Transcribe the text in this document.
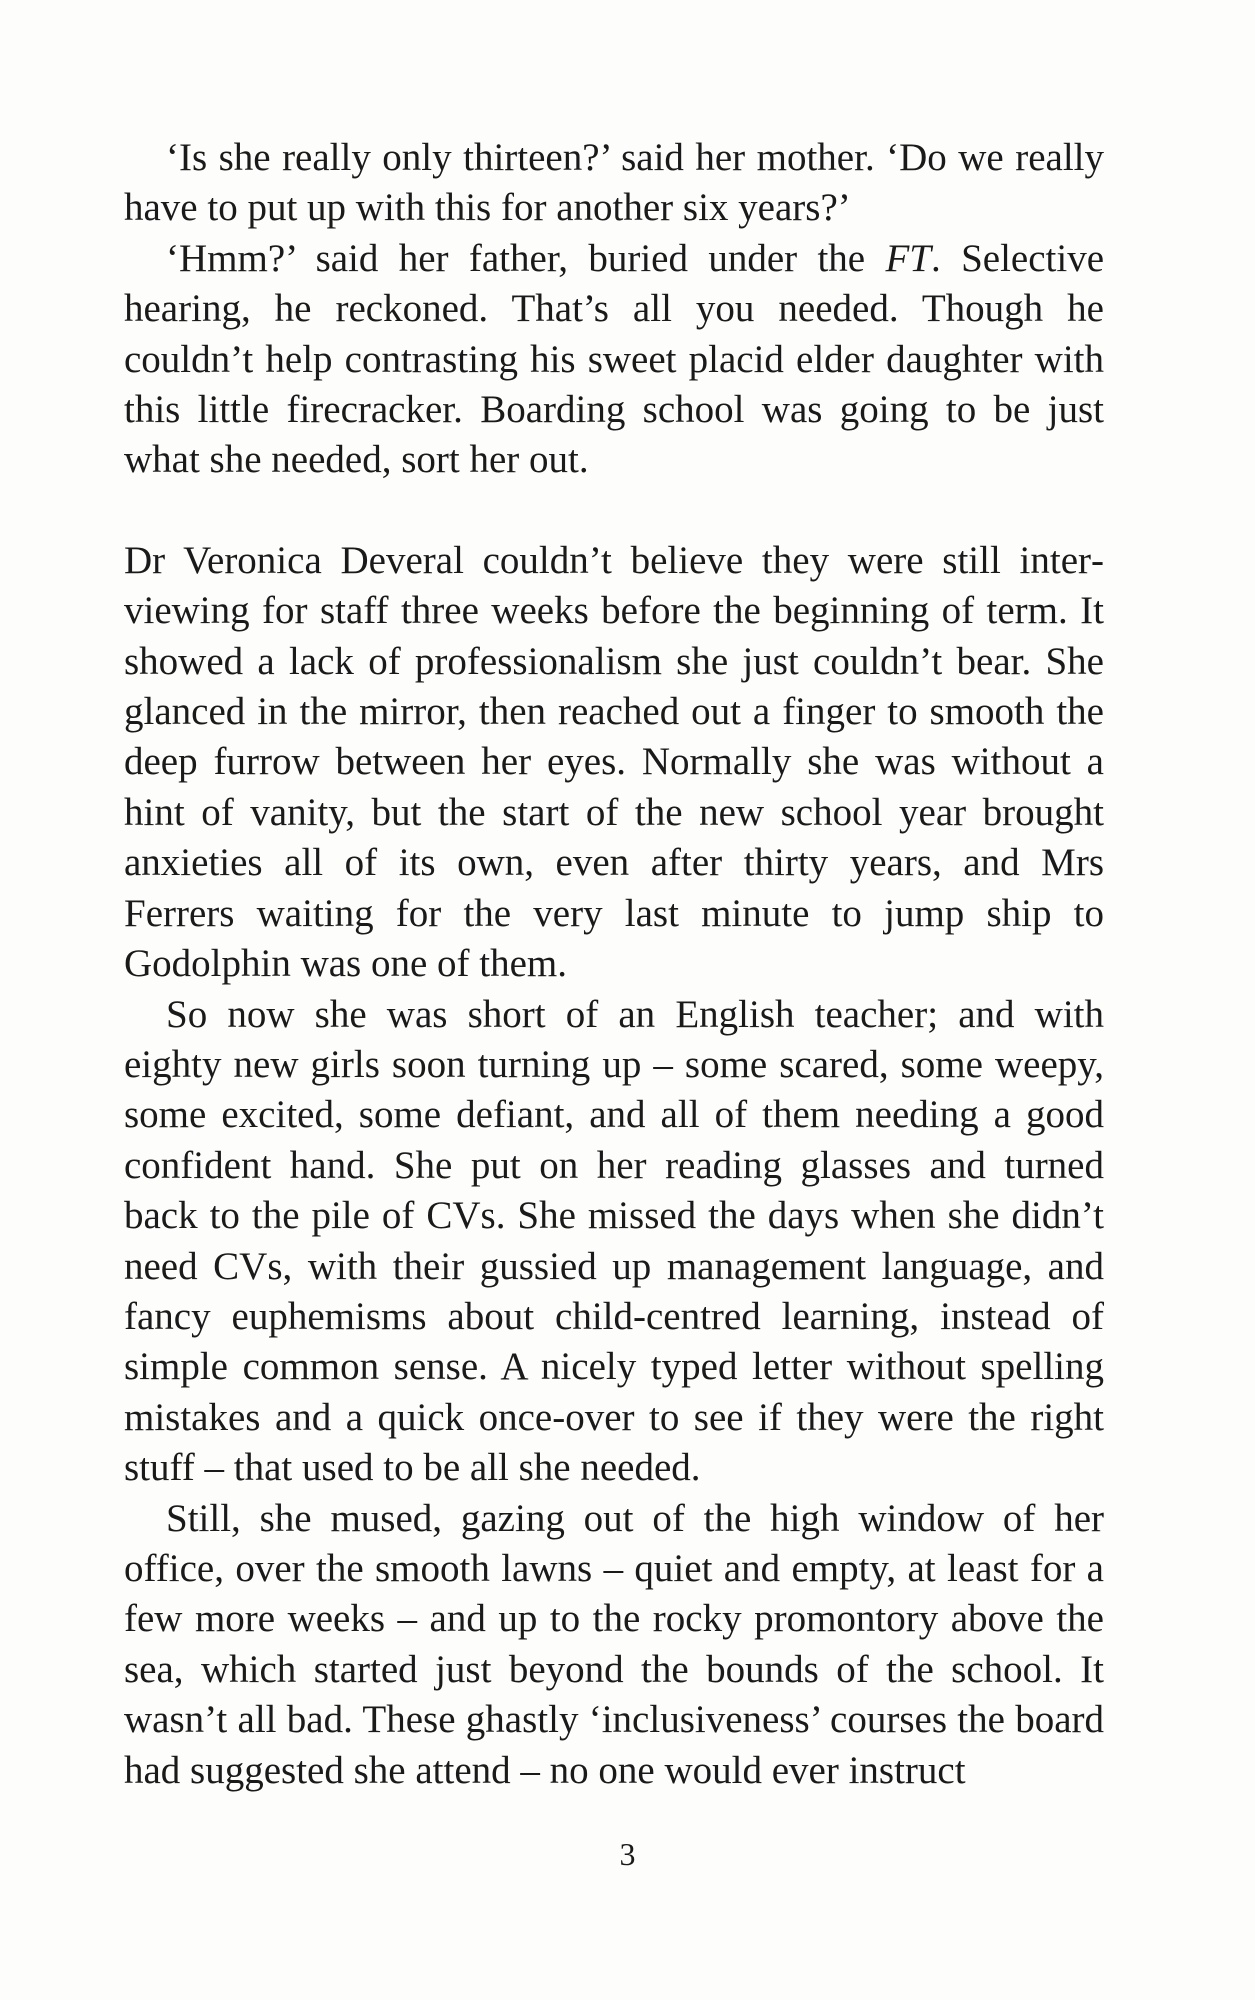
‘Is she really only thirteen?’ said her mother. ‘Do we really have to put up with this for another six years?’

‘Hmm?’ said her father, buried under the FT. Selective hearing, he reckoned. That’s all you needed. Though he couldn’t help contrasting his sweet placid elder daughter with this little firecracker. Boarding school was going to be just what she needed, sort her out.

Dr Veronica Deveral couldn’t believe they were still interviewing for staff three weeks before the beginning of term. It showed a lack of professionalism she just couldn’t bear. She glanced in the mirror, then reached out a finger to smooth the deep furrow between her eyes. Normally she was without a hint of vanity, but the start of the new school year brought anxieties all of its own, even after thirty years, and Mrs Ferrers waiting for the very last minute to jump ship to Godolphin was one of them.

So now she was short of an English teacher; and with eighty new girls soon turning up – some scared, some weepy, some excited, some defiant, and all of them needing a good confident hand. She put on her reading glasses and turned back to the pile of CVs. She missed the days when she didn’t need CVs, with their gussied up management language, and fancy euphemisms about child-centred learning, instead of simple common sense. A nicely typed letter without spelling mistakes and a quick once-over to see if they were the right stuff – that used to be all she needed.

Still, she mused, gazing out of the high window of her office, over the smooth lawns – quiet and empty, at least for a few more weeks – and up to the rocky promontory above the sea, which started just beyond the bounds of the school. It wasn’t all bad. These ghastly ‘inclusiveness’ courses the board had suggested she attend – no one would ever instruct

3
